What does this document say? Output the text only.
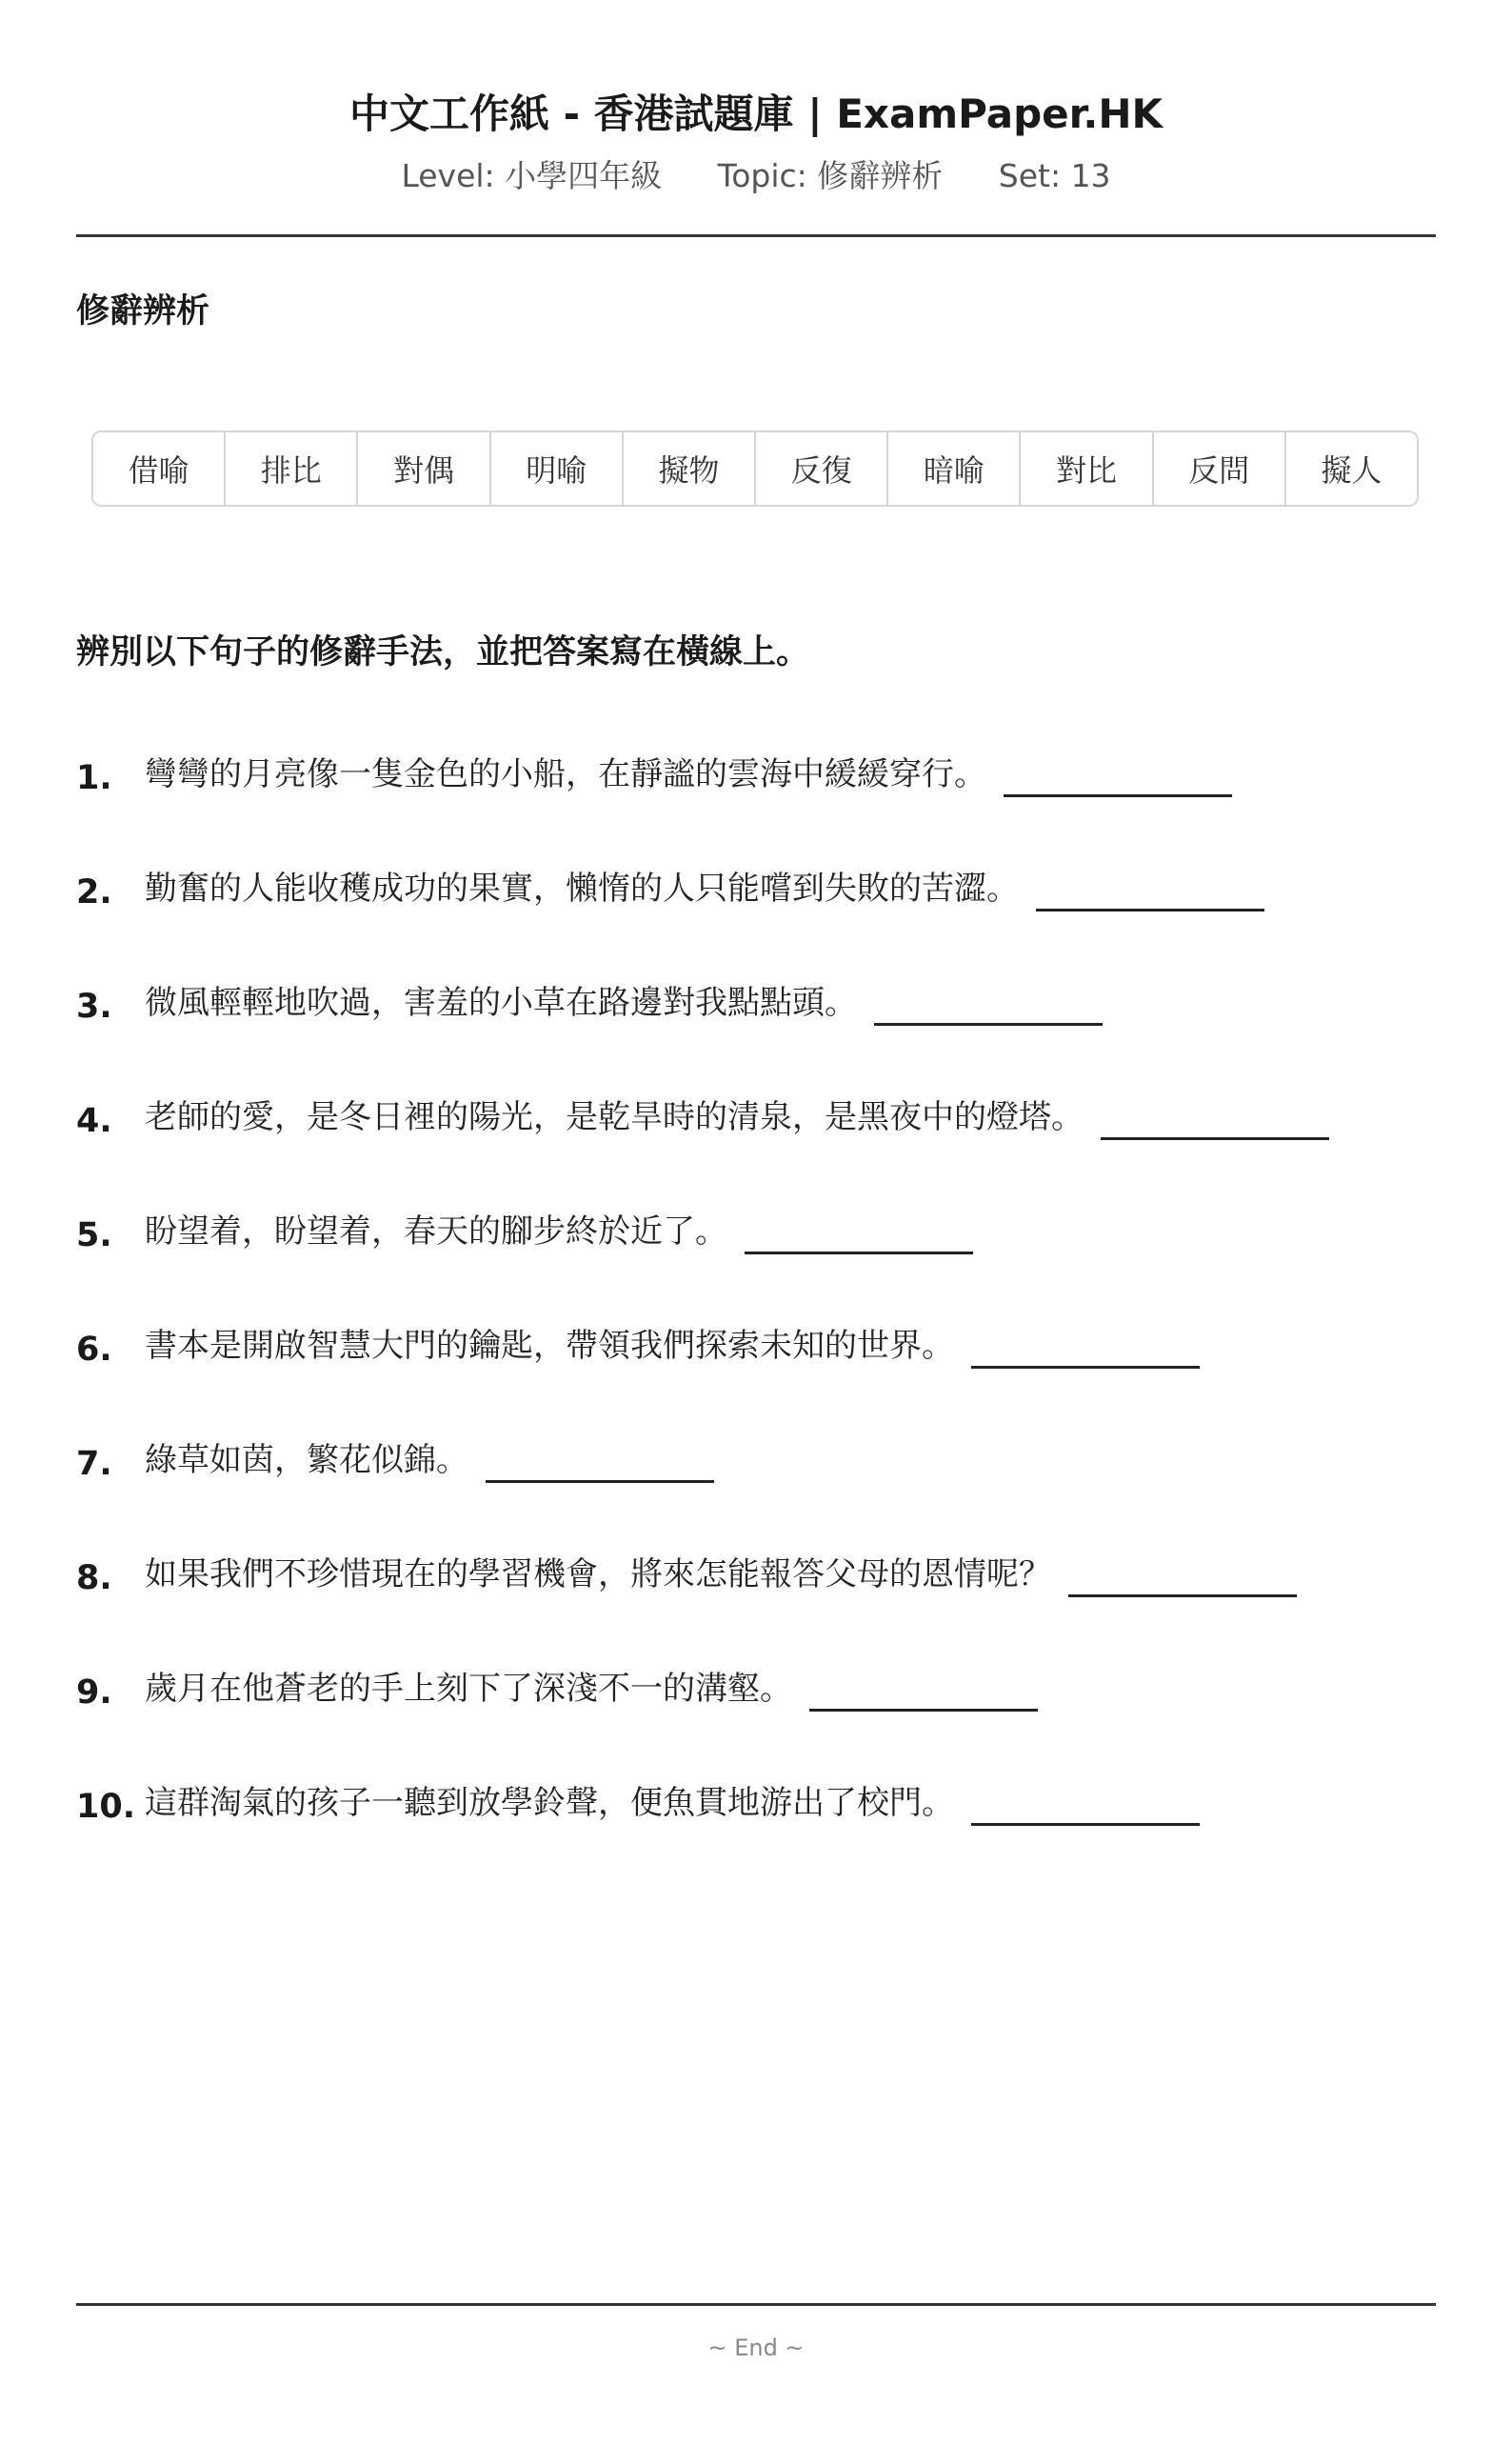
中文工作紙 - 香港試題庫 | ExamPaper.HK
Level: 小學四年級 Topic: 修辭辨析 Set: 13
修辭辨析
借喻	排比	對偶	明喻	擬物	反復	暗喻	對比	反問	擬人
辨別以下句子的修辭手法，並把答案寫在橫線上。
1.	彎彎的月亮像一隻金色的小船，在靜謐的雲海中緩緩穿行。
2.	勤奮的人能收穫成功的果實，懶惰的人只能嚐到失敗的苦澀。
3.	微風輕輕地吹過，害羞的小草在路邊對我點點頭。
4.	老師的愛，是冬日裡的陽光，是乾旱時的清泉，是黑夜中的燈塔。
5.	盼望着，盼望着，春天的腳步終於近了。
6.	書本是開啟智慧大門的鑰匙，帶領我們探索未知的世界。
7.	綠草如茵，繁花似錦。
8.	如果我們不珍惜現在的學習機會，將來怎能報答父母的恩情呢？
9.	歲月在他蒼老的手上刻下了深淺不一的溝壑。
10. 這群淘氣的孩子一聽到放學鈴聲，便魚貫地游出了校門。
~ End ~
